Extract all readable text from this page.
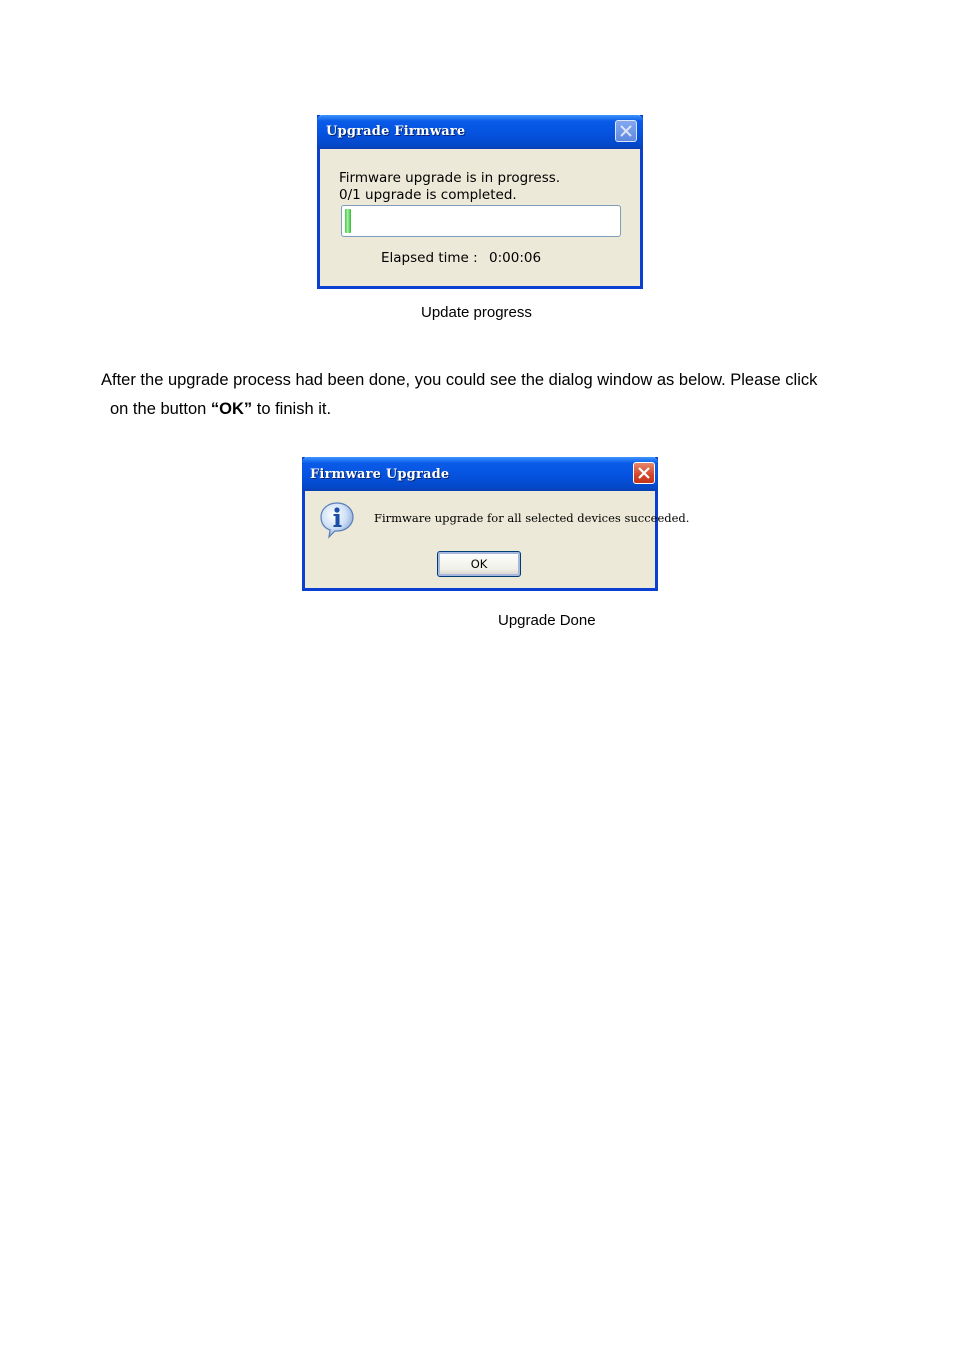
Upgrade Firmware
Firmware upgrade is in progress.
0/1 upgrade is completed.
Elapsed time : 0:00:06
Update progress
After the upgrade process had been done, you could see the dialog window as below. Please click
on the button “OK” to finish it.
Firmware Upgrade
Firmware upgrade for all selected devices succeeded.
OK
Upgrade Done
